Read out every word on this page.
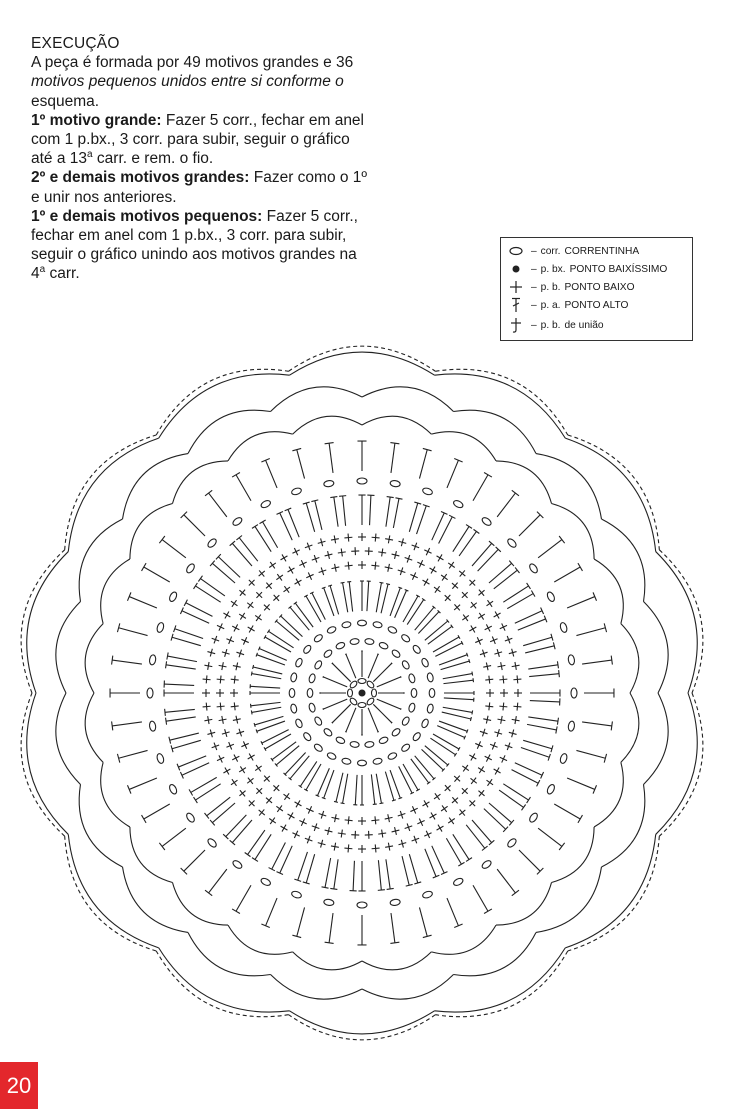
EXECUÇÃO

A peça é formada por 49 motivos grandes e 36

motivos pequenos unidos entre si conforme o

esquema.

1º motivo grande: Fazer 5 corr., fechar em anel

com 1 p.bx., 3 corr. para subir, seguir o gráfico

até a 13$^a$ carr. e rem. o fio.

2º e demais motivos grandes: Fazer como o 1º

e unir nos anteriores.

1º e demais motivos pequenos: Fazer 5 corr.,

fechar em anel com 1 p.bx., 3 corr. para subir,

seguir o gráfico unindo aos motivos grandes na

4$^a$ carr.

– corr. CORRENTINHA
– p. bx. PONTO BAIXÍSSIMO
– p. b. PONTO BAIXO
– p. a. PONTO ALTO
– p. b. de união
20
